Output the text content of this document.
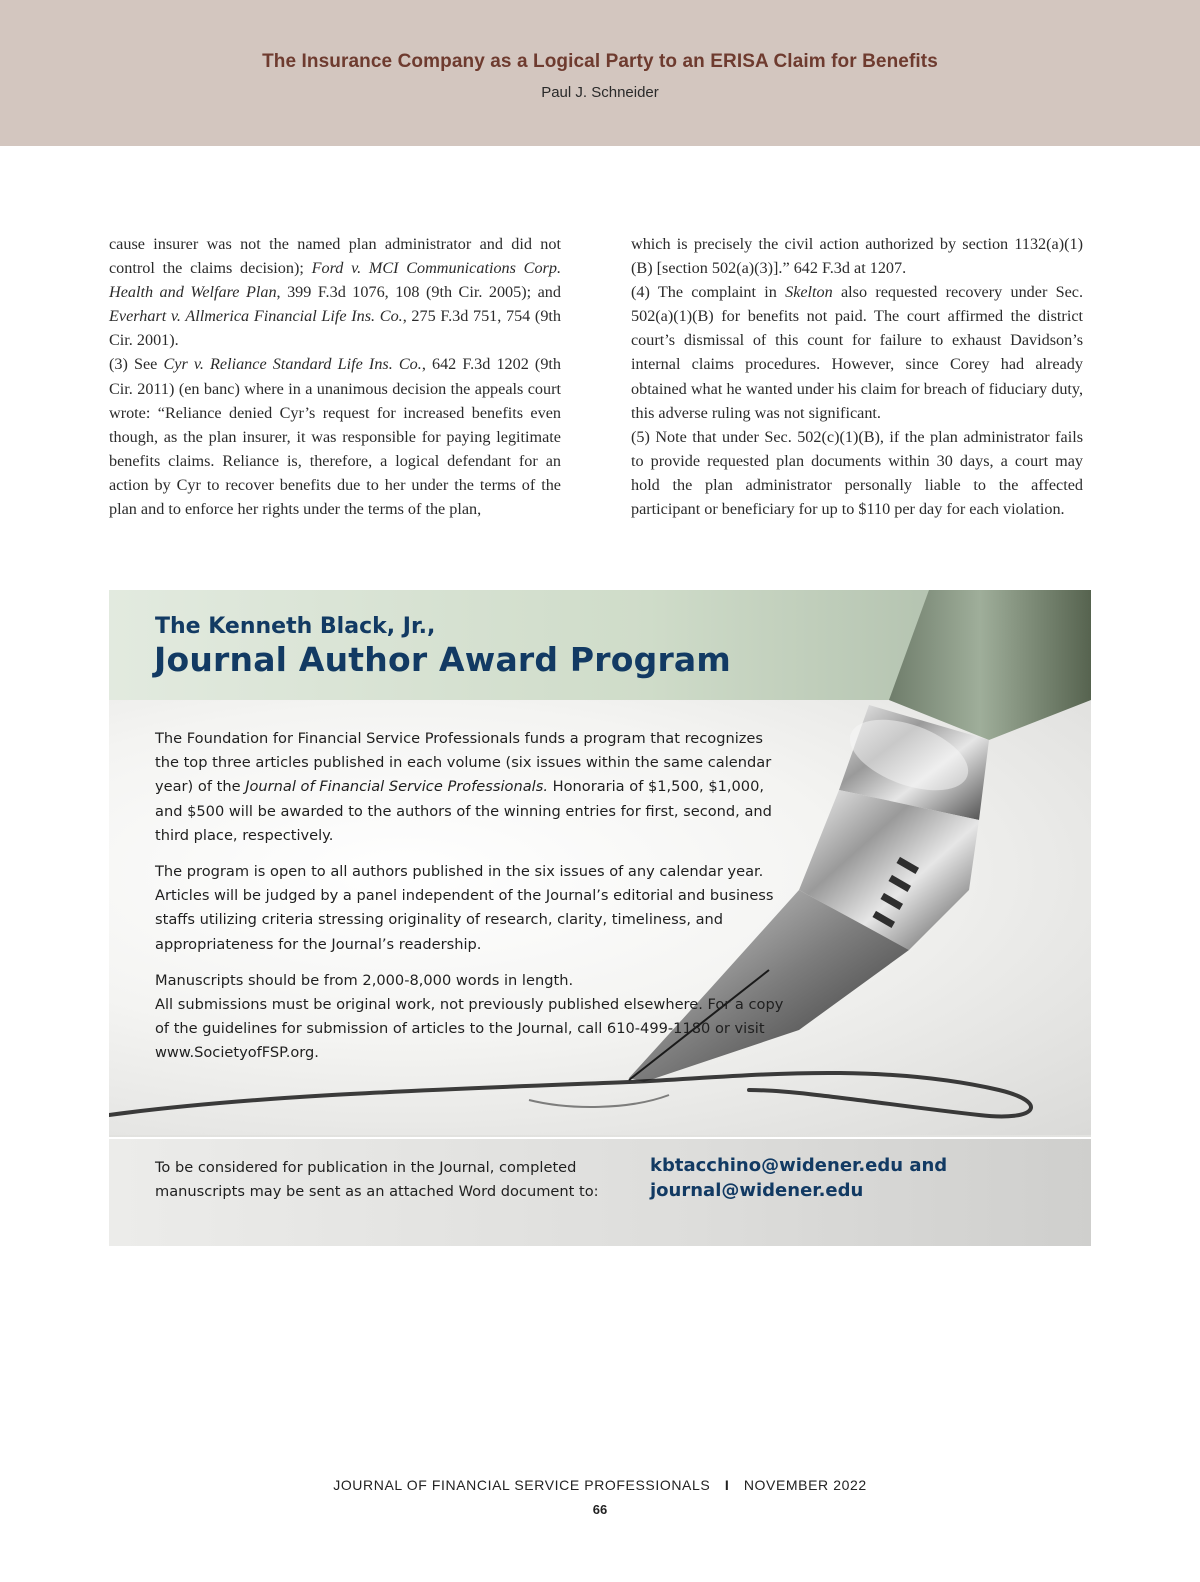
The Insurance Company as a Logical Party to an ERISA Claim for Benefits
Paul J. Schneider

cause insurer was not the named plan administrator and did not control the claims decision); Ford v. MCI Communications Corp. Health and Welfare Plan, 399 F.3d 1076, 108 (9th Cir. 2005); and Everhart v. Allmerica Financial Life Ins. Co., 275 F.3d 751, 754 (9th Cir. 2001).

(3) See Cyr v. Reliance Standard Life Ins. Co., 642 F.3d 1202 (9th Cir. 2011) (en banc) where in a unanimous decision the appeals court wrote: “Reliance denied Cyr’s request for increased benefits even though, as the plan insurer, it was responsible for paying legitimate benefits claims. Reliance is, therefore, a logical defendant for an action by Cyr to recover benefits due to her under the terms of the plan and to enforce her rights under the terms of the plan,

which is precisely the civil action authorized by section 1132(a)(1)(B) [section 502(a)(3)].” 642 F.3d at 1207.

(4) The complaint in Skelton also requested recovery under Sec. 502(a)(1)(B) for benefits not paid. The court affirmed the district court’s dismissal of this count for failure to exhaust Davidson’s internal claims procedures. However, since Corey had already obtained what he wanted under his claim for breach of fiduciary duty, this adverse ruling was not significant.

(5) Note that under Sec. 502(c)(1)(B), if the plan administrator fails to provide requested plan documents within 30 days, a court may hold the plan administrator personally liable to the affected participant or beneficiary for up to $110 per day for each violation.

The Kenneth Black, Jr.,
Journal Author Award Program

The Foundation for Financial Service Professionals funds a program that recognizes the top three articles published in each volume (six issues within the same calendar year) of the Journal of Financial Service Professionals. Honoraria of $1,500, $1,000, and $500 will be awarded to the authors of the winning entries for first, second, and third place, respectively.

The program is open to all authors published in the six issues of any calendar year. Articles will be judged by a panel independent of the Journal’s editorial and business staffs utilizing criteria stressing originality of research, clarity, timeliness, and appropriateness for the Journal’s readership.

Manuscripts should be from 2,000-8,000 words in length.
All submissions must be original work, not previously published elsewhere. For a copy of the guidelines for submission of articles to the Journal, call 610-499-1180 or visit www.SocietyofFSP.org.

To be considered for publication in the Journal, completed manuscripts may be sent as an attached Word document to:
kbtacchino@widener.edu and
journal@widener.edu
JOURNAL OF FINANCIAL SERVICE PROFESSIONALS I NOVEMBER 2022
66
